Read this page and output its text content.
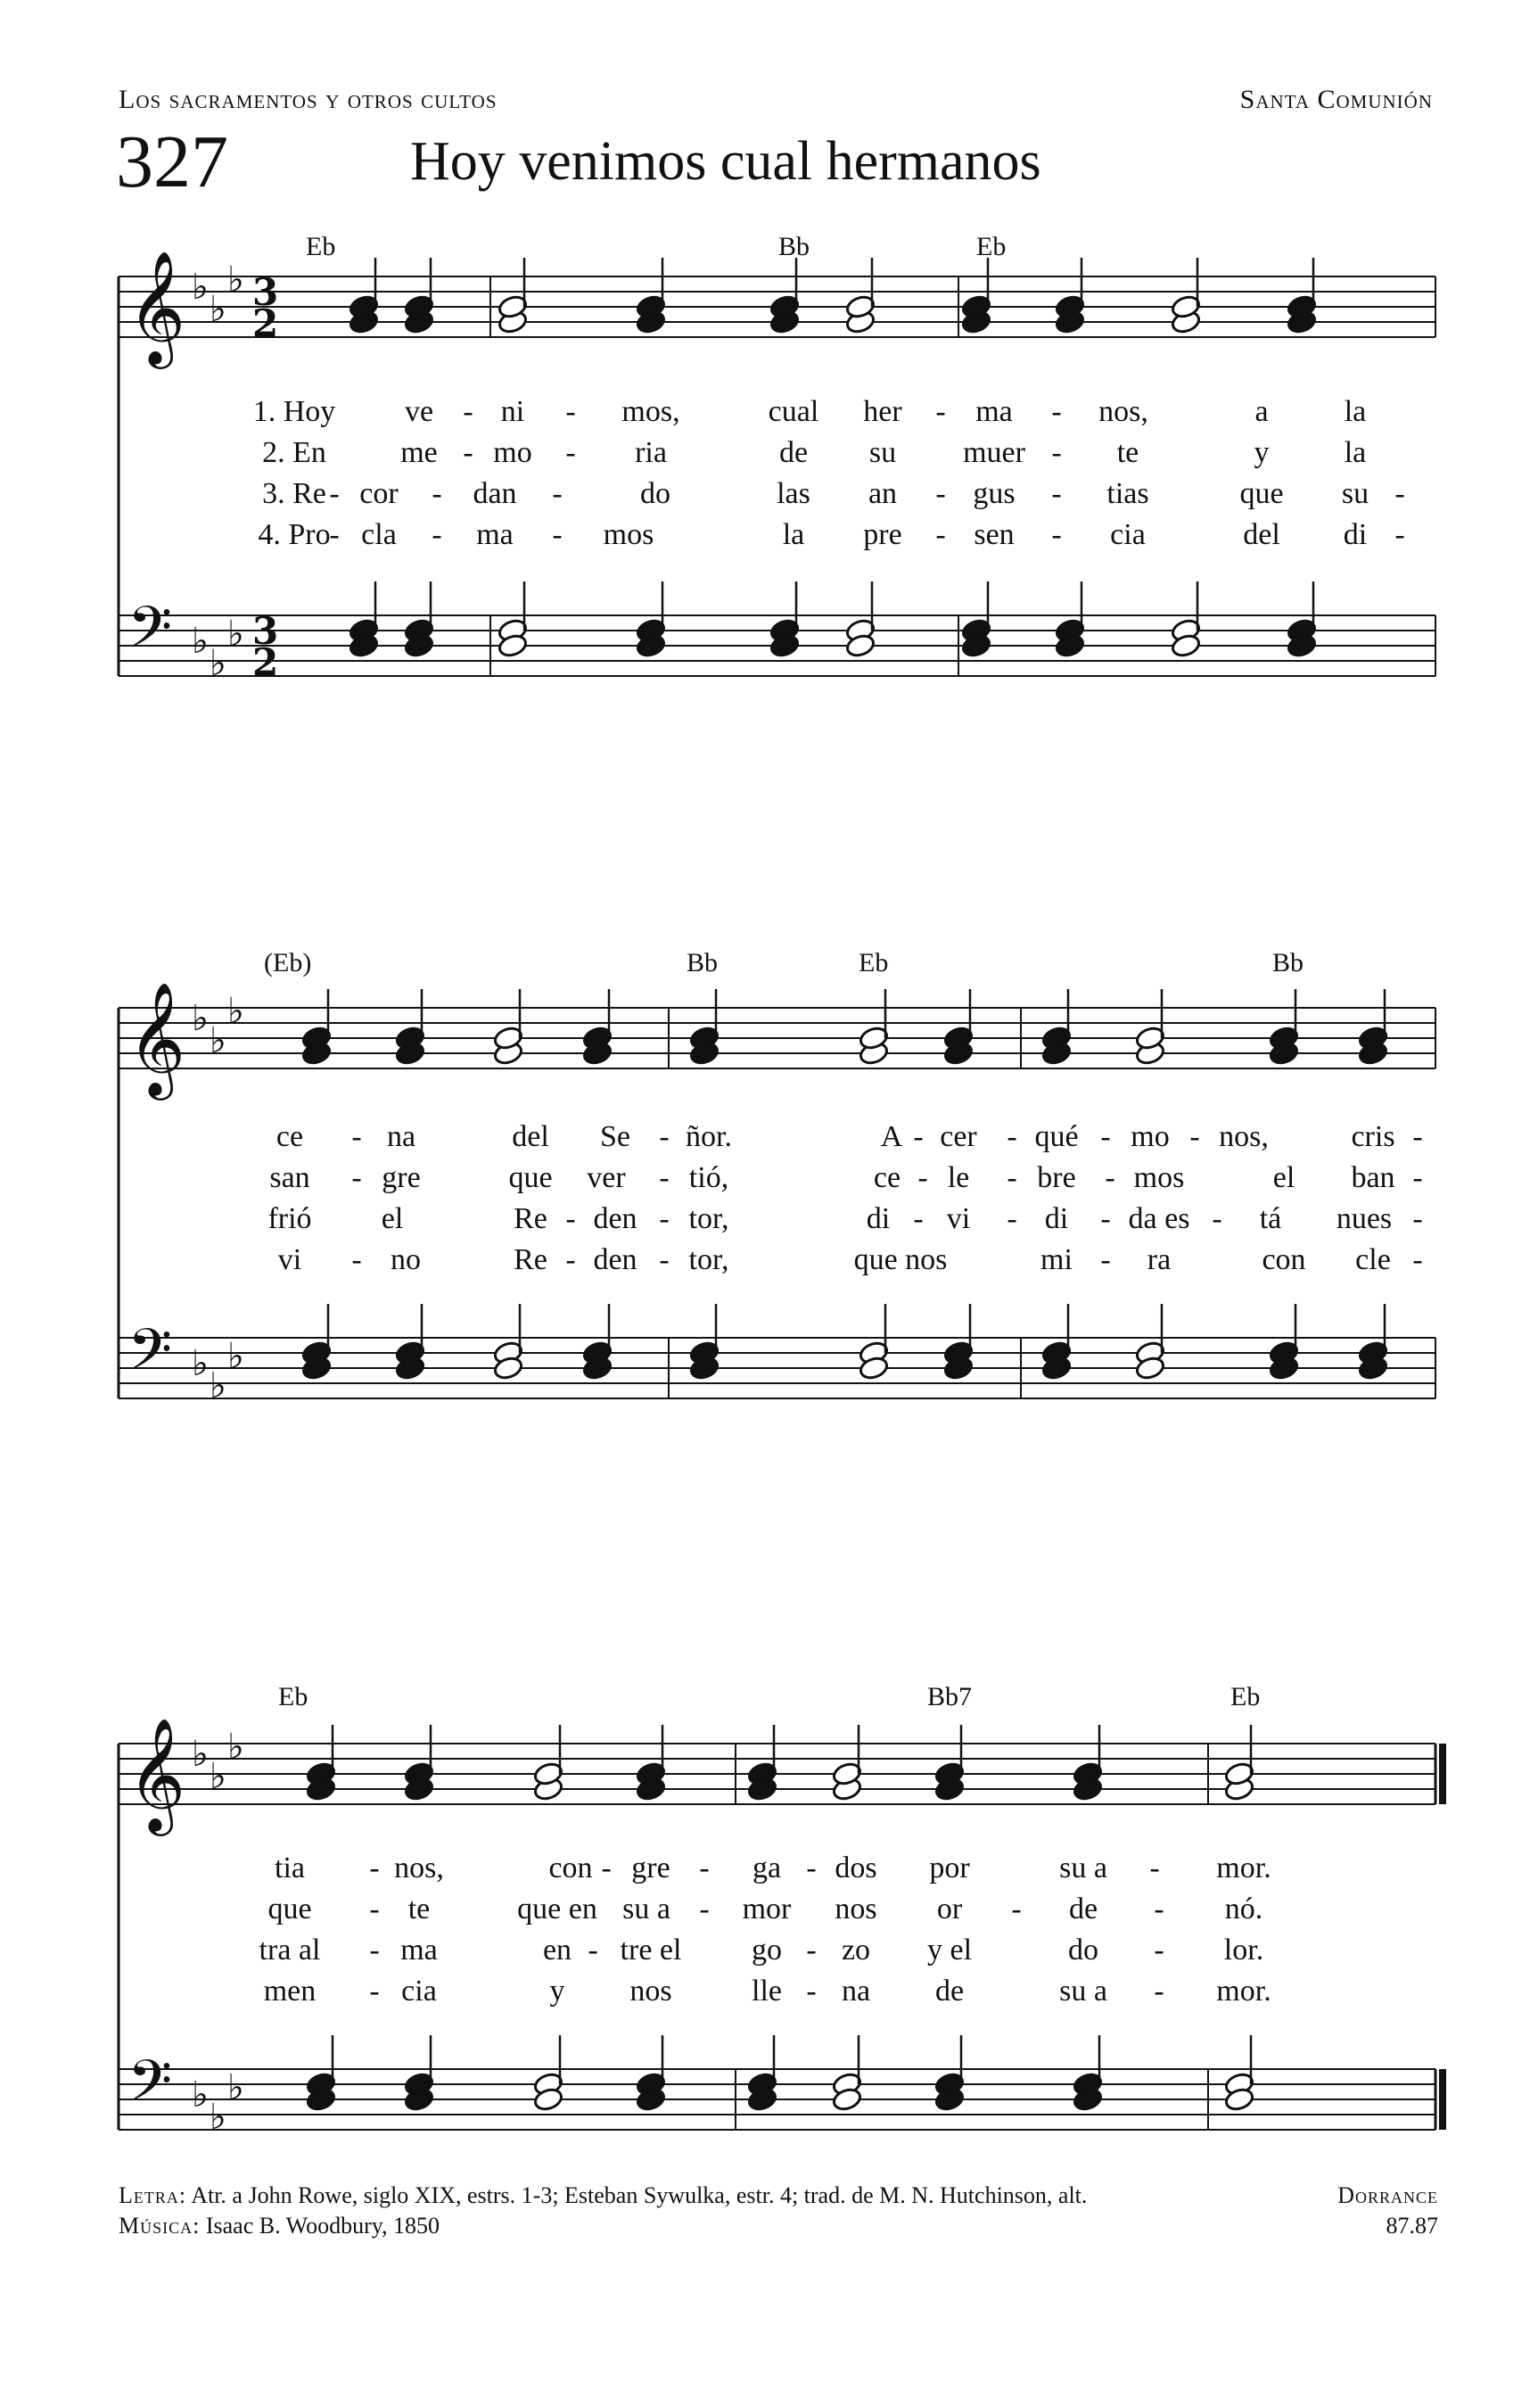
Los sacramentos y otros cultos	Santa Comunión
327	Hoy venimos cual hermanos
𝄞 ♭
♭
♭ 3
2
𝄢 ♭
♭
♭ 3
2
Eb	Bb	Eb
𝄞 ♭
♭
♭
𝄢 ♭
♭
♭
(Eb)	Bb	Eb	Bb
𝄞 ♭
♭
♭
𝄢 ♭
♭
♭
Eb	Bb7	Eb
1. Hoy ve - ni - mos,	cual her - ma - nos,	a	la
2. En me - mo - ria	de su muer - te	y la
3. Re - cor - dan -	do	las an - gus - tias	que su -
4. Pro
- cla - ma - mos	la pre - sen - cia	del di -
ce - na	del Se - ñor.	A - cer - qué - mo - nos,	cris -
san - gre	que ver - tió,	ce - le - bre - mos	el ban -
frió el	Re - den - tor,	di - vi - di - da es - tá nues -
vi - no	Re - den - tor,	que nos	mi - ra	con cle -
tia - nos,	con - gre - ga - dos por	su a - mor.
que - te	que en su a - mor nos or - de - nó.
tra al - ma	en - tre el go - zo y el	do - lor.
men - cia	y nos	lle - na de	su a - mor.
Letra: Atr. a John Rowe, siglo XIX, estrs. 1-3; Esteban Sywulka, estr. 4; trad. de M. N. Hutchinson, alt.	Dorrance
Música: Isaac B. Woodbury, 1850	87.87
